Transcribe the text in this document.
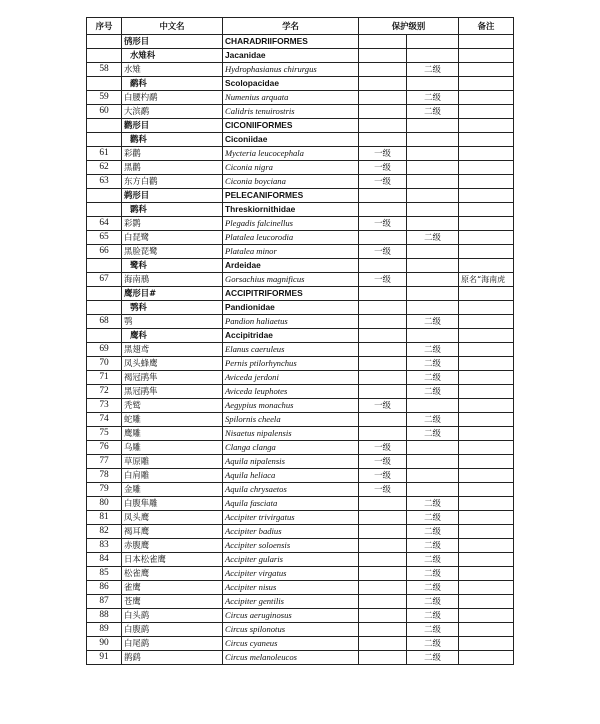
序号	中文名	学名	保护级别		备注
	鸻形目	CHARADRIIFORMES			
	水雉科	Jacanidae			
58	水雉	Hydrophasianus chirurgus		二级	
	鹬科	Scolopacidae			
59	白腰杓鹬	Numenius arquata		二级	
60	大滨鹬	Calidris tenuirostris		二级	
	鹳形目	CICONIIFORMES			
	鹳科	Ciconiidae			
61	彩鹳	Mycteria leucocephala	一级		
62	黑鹳	Ciconia nigra	一级		
63	东方白鹳	Ciconia boyciana	一级		
	鹈形目	PELECANIFORMES			
	鹮科	Threskiornithidae			
64	彩鹮	Plegadis falcinellus	一级		
65	白琵鹭	Platalea leucorodia		二级	
66	黑脸琵鹭	Platalea minor	一级		
	鹭科	Ardeidae			
67	海南鳽	Gorsachius magnificus	一级		原名“海南虎
	鹰形目#	ACCIPITRIFORMES			
	鹗科	Pandionidae			
68	鹗	Pandion haliaetus		二级	
	鹰科	Accipitridae			
69	黑翅鸢	Elanus caeruleus		二级	
70	凤头蜂鹰	Pernis ptilorhynchus		二级	
71	褐冠鹃隼	Aviceda jerdoni		二级	
72	黑冠鹃隼	Aviceda leuphotes		二级	
73	秃鹫	Aegypius monachus	一级		
74	蛇雕	Spilornis cheela		二级	
75	鹰雕	Nisaetus nipalensis		二级	
76	乌雕	Clanga clanga	一级		
77	草原雕	Aquila nipalensis	一级		
78	白肩雕	Aquila heliaca	一级		
79	金雕	Aquila chrysaetos	一级		
80	白腹隼雕	Aquila fasciata		二级	
81	凤头鹰	Accipiter trivirgatus		二级	
82	褐耳鹰	Accipiter badius		二级	
83	赤腹鹰	Accipiter soloensis		二级	
84	日本松雀鹰	Accipiter gularis		二级	
85	松雀鹰	Accipiter virgatus		二级	
86	雀鹰	Accipiter nisus		二级	
87	苍鹰	Accipiter gentilis		二级	
88	白头鹞	Circus aeruginosus		二级	
89	白腹鹞	Circus spilonotus		二级	
90	白尾鹞	Circus cyaneus		二级	
91	鹊鹞	Circus melanoleucos		二级	
